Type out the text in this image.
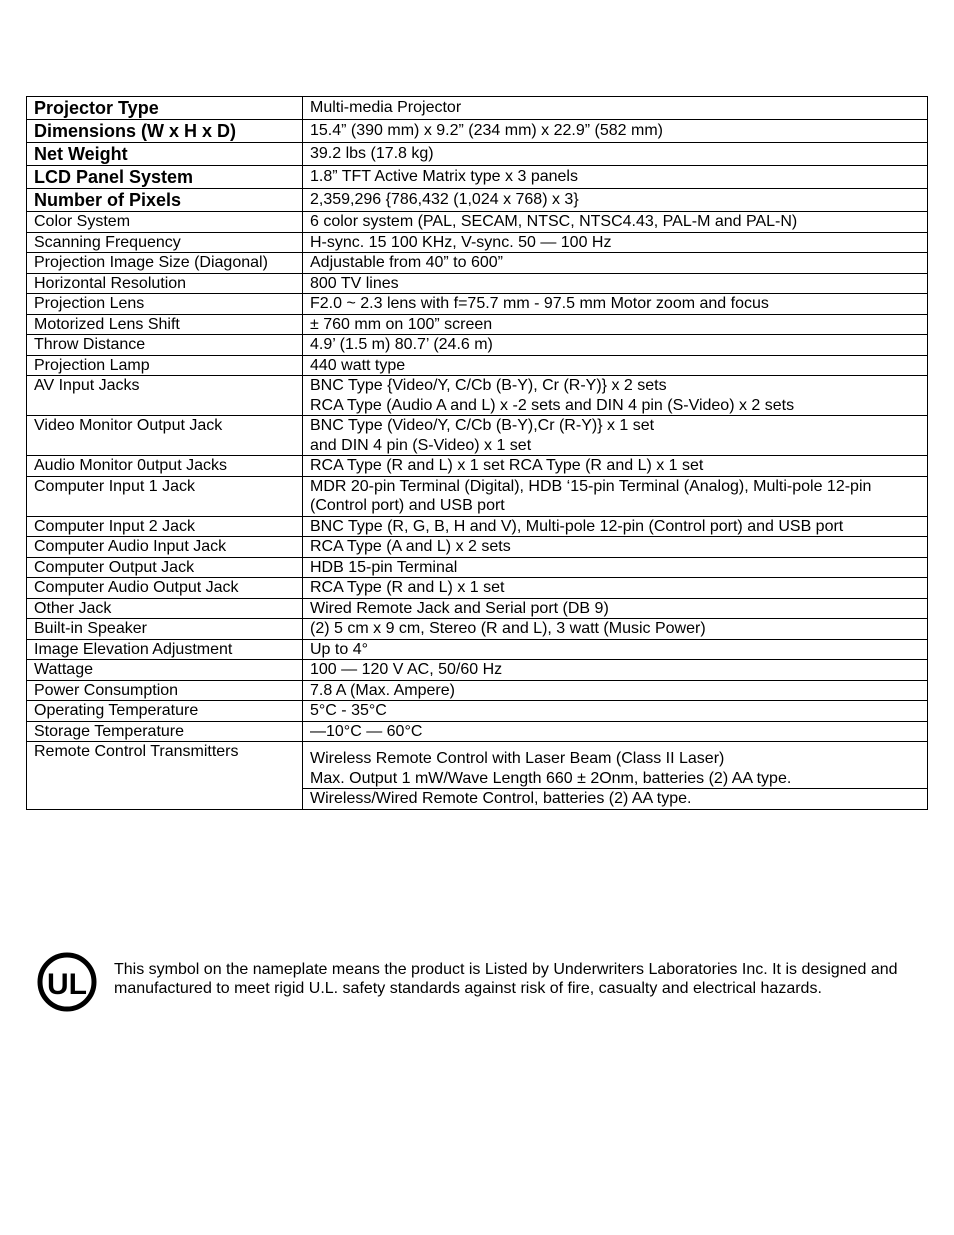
Projector Type	Multi-media Projector
Dimensions (W x H x D)	15.4” (390 mm) x 9.2” (234 mm) x 22.9” (582 mm)
Net Weight	39.2 lbs (17.8 kg)
LCD Panel System	1.8” TFT Active Matrix type x 3 panels
Number of Pixels	2,359,296 {786,432 (1,024 x 768) x 3}
Color System	6 color system (PAL, SECAM, NTSC, NTSC4.43, PAL-M and PAL-N)
Scanning Frequency	H-sync. 15 100 KHz, V-sync. 50 — 100 Hz
Projection Image Size (Diagonal)	Adjustable from 40” to 600”
Horizontal Resolution	800 TV lines
Projection Lens	F2.0 ~ 2.3 lens with f=75.7 mm - 97.5 mm Motor zoom and focus
Motorized Lens Shift	± 760 mm on 100” screen
Throw Distance	4.9’ (1.5 m) 80.7’ (24.6 m)
Projection Lamp	440 watt type
AV Input Jacks	BNC Type {Video/Y, C/Cb (B-Y), Cr (R-Y)} x 2 sets
RCA Type (Audio A and L) x -2 sets and DIN 4 pin (S-Video) x 2 sets

Video Monitor Output Jack	BNC Type (Video/Y, C/Cb (B-Y),Cr (R-Y)} x 1 set
and DIN 4 pin (S-Video) x 1 set

Audio Monitor 0utput Jacks	RCA Type (R and L) x 1 set RCA Type (R and L) x 1 set
Computer Input 1 Jack	MDR 20-pin Terminal (Digital), HDB ‘15-pin Terminal (Analog), Multi-pole 12-pin (Control port) and USB port
Computer Input 2 Jack	BNC Type (R, G, B, H and V), Multi-pole 12-pin (Control port) and USB port
Computer Audio Input Jack	RCA Type (A and L) x 2 sets
Computer Output Jack	HDB 15-pin Terminal
Computer Audio Output Jack	RCA Type (R and L) x 1 set
Other Jack	Wired Remote Jack and Serial port (DB 9)
Built-in Speaker	(2) 5 cm x 9 cm, Stereo (R and L), 3 watt (Music Power)
Image Elevation Adjustment	Up to 4°
Wattage	100 — 120 V AC, 50/60 Hz
Power Consumption	7.8 A (Max. Ampere)
Operating Temperature	5°C - 35°C
Storage Temperature	—10°C — 60°C
Remote Control Transmitters	Wireless Remote Control with Laser Beam (Class II Laser)
Max. Output 1 mW/Wave Length 660 ± 2Onm, batteries (2) AA type.

	Wireless/Wired Remote Control, batteries (2) AA type.
UL This symbol on the nameplate means the product is Listed by Underwriters Laboratories Inc. It is designed and manufactured to meet rigid U.L. safety standards against risk of fire, casualty and electrical hazards.
